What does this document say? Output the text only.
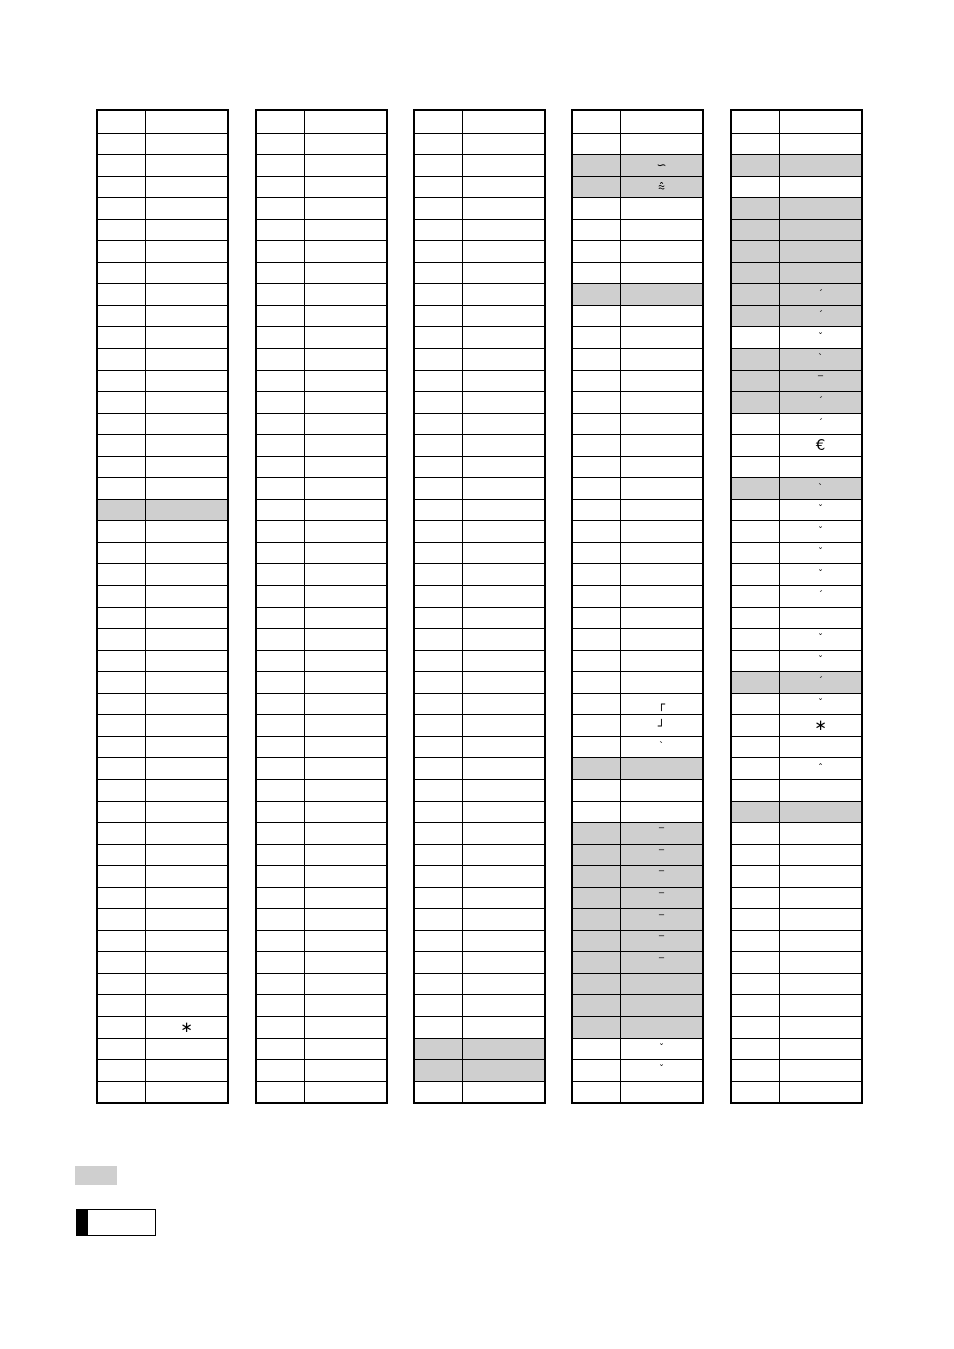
∗
∽
⩯
┌
┘
ˋ
‾
‾
‾
‾
‾
‾
‾
ˇ
ˇ
ˊ
ˊ
ˇ
ˋ
‾
ˊ
ˊ
€
ˋ
ˇ
ˇ
ˇ
ˇ
ˊ
ˇ
ˇ
ˊ
ˇ
∗
ˆ
